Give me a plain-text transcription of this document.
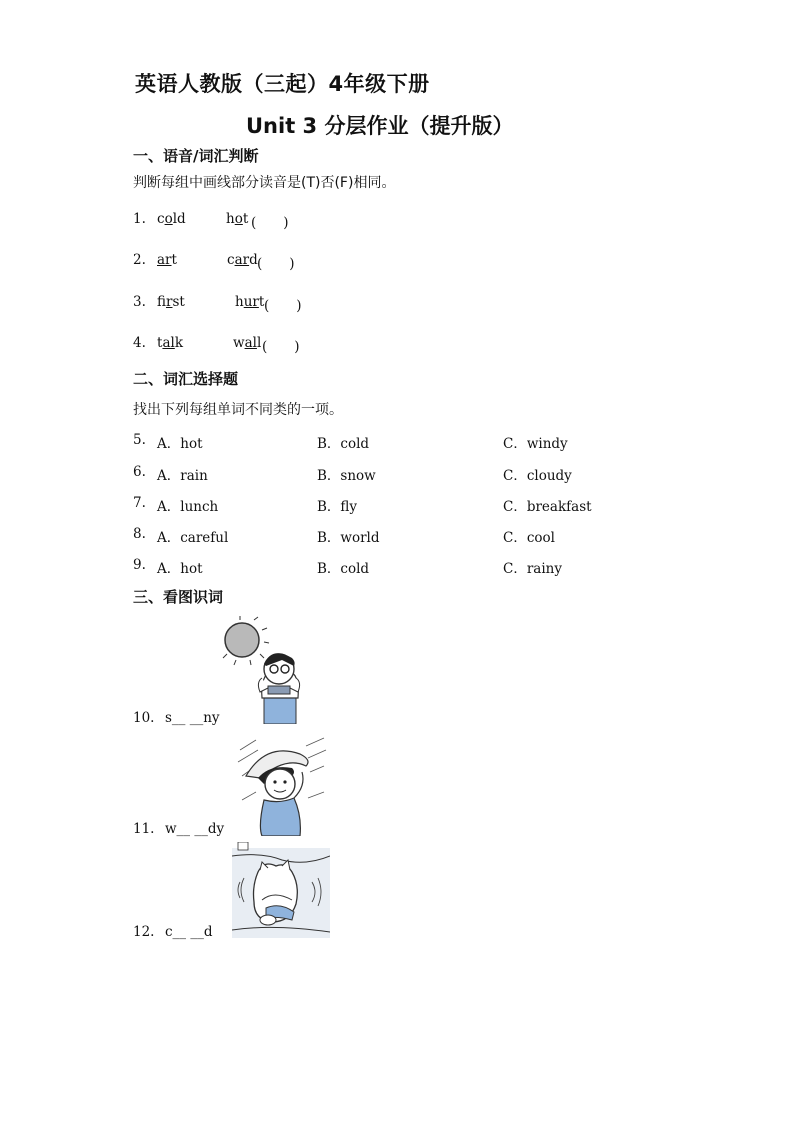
英语人教版（三起）4年级下册
Unit 3 分层作业（提升版）
一、语音/词汇判断
判断每组中画线部分读音是(T)否(F)相同。
1. cold	hot (　　)
2. art	card (　　)
3. first	hurt (　　)
4. talk	wall (　　)
二、词汇选择题
找出下列每组单词不同类的一项。
5. A．hot	B．cold	C．windy
6. A．rain	B．snow	C．cloudy
7. A．lunch	B．fly	C．breakfast
8. A．careful	B．world	C．cool
9. A．hot	B．cold	C．rainy
三、看图识词
10. s__ __ny
11. w__ __dy
12. c__ __d
